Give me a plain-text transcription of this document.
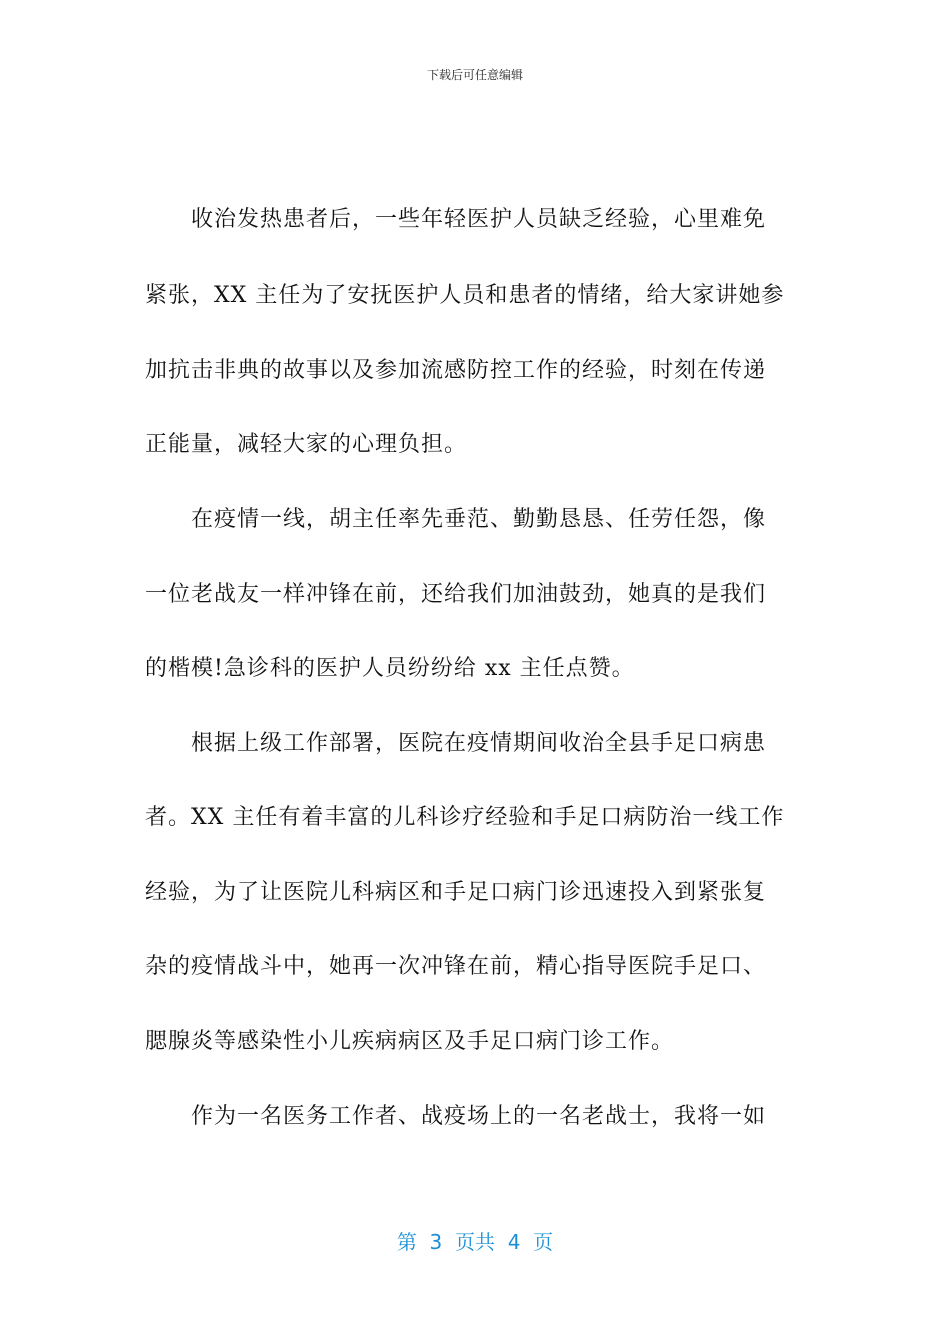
下载后可任意编辑
　　收治发热患者后，一些年轻医护人员缺乏经验，心里难免
紧张，XX 主任为了安抚医护人员和患者的情绪，给大家讲她参
加抗击非典的故事以及参加流感防控工作的经验，时刻在传递
正能量，减轻大家的心理负担。
　　在疫情一线，胡主任率先垂范、勤勤恳恳、任劳任怨，像
一位老战友一样冲锋在前，还给我们加油鼓劲，她真的是我们
的楷模!急诊科的医护人员纷纷给 xx 主任点赞。
　　根据上级工作部署，医院在疫情期间收治全县手足口病患
者。XX 主任有着丰富的儿科诊疗经验和手足口病防治一线工作
经验，为了让医院儿科病区和手足口病门诊迅速投入到紧张复
杂的疫情战斗中，她再一次冲锋在前，精心指导医院手足口、
腮腺炎等感染性小儿疾病病区及手足口病门诊工作。
　　作为一名医务工作者、战疫场上的一名老战士，我将一如
第  3  页共  4  页
